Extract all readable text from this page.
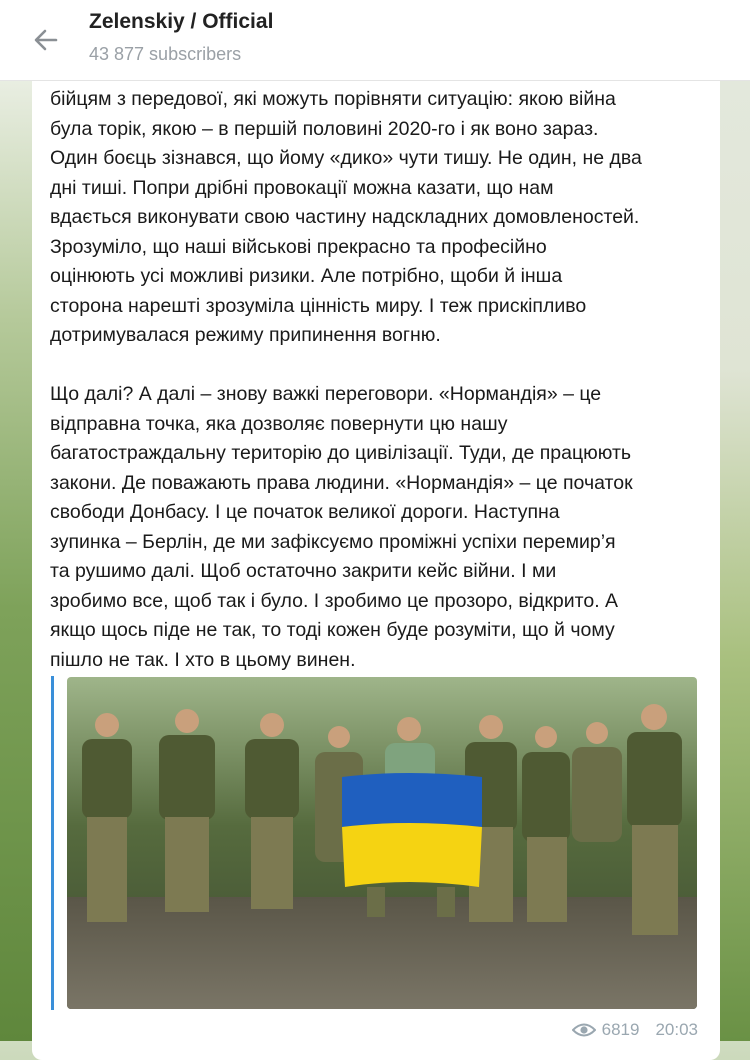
Zelenskiy / Official
43 877 subscribers

бійцям з передової, які можуть порівняти ситуацію: якою війна

була торік, якою – в першій половині 2020-го і як воно зараз.

Один боєць зізнався, що йому «дико» чути тишу. Не один, не два

дні тиші. Попри дрібні провокації можна казати, що нам

вдається виконувати свою частину надскладних домовленостей.

Зрозуміло, що наші військові прекрасно та професійно

оцінюють усі можливі ризики. Але потрібно, щоби й інша

сторона нарешті зрозуміла цінність миру. І теж прискіпливо

дотримувалася режиму припинення вогню.

Що далі? А далі – знову важкі переговори. «Нормандія» – це

відправна точка, яка дозволяє повернути цю нашу

багатостраждальну територію до цивілізації. Туди, де працюють

закони. Де поважають права людини. «Нормандія» – це початок

свободи Донбасу. І це початок великої дороги. Наступна

зупинка – Берлін, де ми зафіксуємо проміжні успіхи перемир’я

та рушимо далі. Щоб остаточно закрити кейс війни. І ми

зробимо все, щоб так і було. І зробимо це прозоро, відкрито. А

якщо щось піде не так, то тоді кожен буде розуміти, що й чому

пішло не так. І хто в цьому винен.

6819 20:03
